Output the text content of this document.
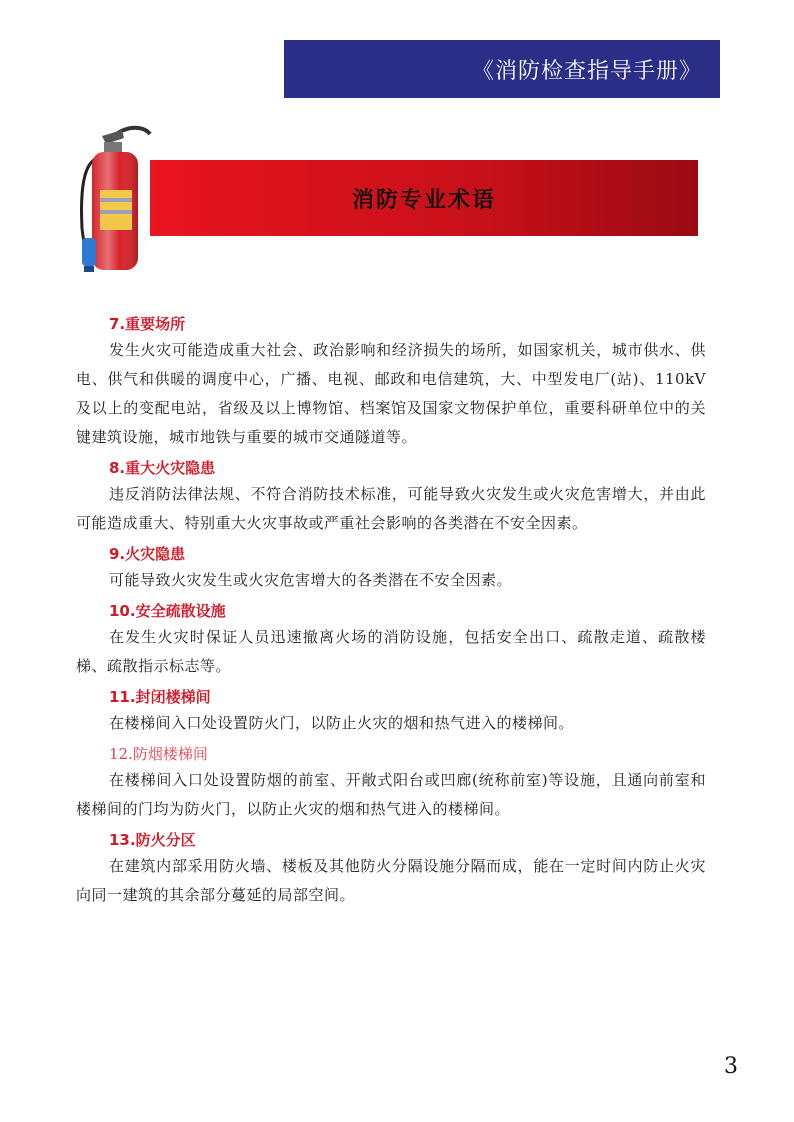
《消防检查指导手册》
消防专业术语
7.重要场所

发生火灾可能造成重大社会、政治影响和经济损失的场所，如国家机关，城市供水、供电、供气和供暖的调度中心，广播、电视、邮政和电信建筑，大、中型发电厂(站)、110kV及以上的变配电站，省级及以上博物馆、档案馆及国家文物保护单位，重要科研单位中的关键建筑设施，城市地铁与重要的城市交通隧道等。

8.重大火灾隐患

违反消防法律法规、不符合消防技术标准，可能导致火灾发生或火灾危害增大，并由此可能造成重大、特别重大火灾事故或严重社会影响的各类潜在不安全因素。

9.火灾隐患

可能导致火灾发生或火灾危害增大的各类潜在不安全因素。

10.安全疏散设施

在发生火灾时保证人员迅速撤离火场的消防设施，包括安全出口、疏散走道、疏散楼梯、疏散指示标志等。

11.封闭楼梯间

在楼梯间入口处设置防火门，以防止火灾的烟和热气进入的楼梯间。

12.防烟楼梯间

在楼梯间入口处设置防烟的前室、开敞式阳台或凹廊(统称前室)等设施，且通向前室和楼梯间的门均为防火门，以防止火灾的烟和热气进入的楼梯间。

13.防火分区

在建筑内部采用防火墙、楼板及其他防火分隔设施分隔而成，能在一定时间内防止火灾向同一建筑的其余部分蔓延的局部空间。

3
